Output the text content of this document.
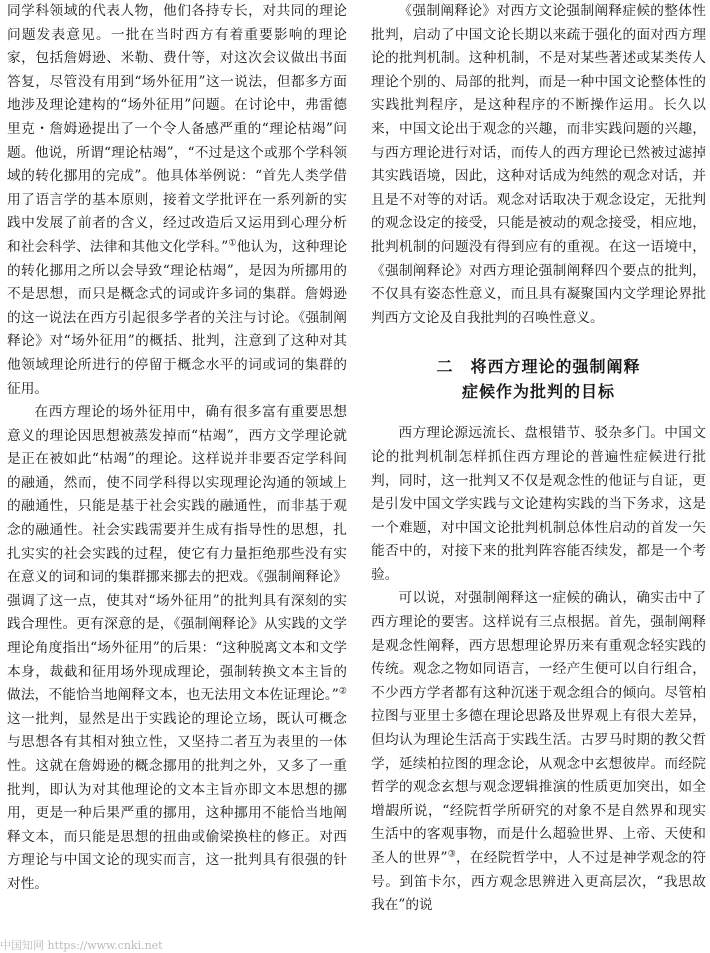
同学科领域的代表人物，他们各持专长，对共同的理论问题发表意见。一批在当时西方有着重要影响的理论家，包括詹姆逊、米勒、费什等，对这次会议做出书面答复，尽管没有用到“场外征用”这一说法，但都多方面地涉及理论建构的“场外征用”问题。在讨论中，弗雷德里克・詹姆逊提出了一个令人备感严重的“理论枯竭”问题。他说，所谓“理论枯竭”，“不过是这个或那个学科领域的转化挪用的完成”。他具体举例说：“首先人类学借用了语言学的基本原则，接着文学批评在一系列新的实践中发展了前者的含义，经过改造后又运用到心理分析和社会科学、法律和其他文化学科。”①他认为，这种理论的转化挪用之所以会导致“理论枯竭”，是因为所挪用的不是思想，而只是概念式的词或许多词的集群。詹姆逊的这一说法在西方引起很多学者的关注与讨论。《强制阐释论》对“场外征用”的概括、批判，注意到了这种对其他领域理论所进行的停留于概念水平的词或词的集群的征用。

在西方理论的场外征用中，确有很多富有重要思想意义的理论因思想被蒸发掉而“枯竭”，西方文学理论就是正在被如此“枯竭”的理论。这样说并非要否定学科间的融通，然而，使不同学科得以实现理论沟通的领域上的融通性，只能是基于社会实践的融通性，而非基于观念的融通性。社会实践需要并生成有指导性的思想，扎扎实实的社会实践的过程，使它有力量拒绝那些没有实在意义的词和词的集群挪来挪去的把戏。《强制阐释论》强调了这一点，使其对“场外征用”的批判具有深刻的实践合理性。更有深意的是，《强制阐释论》从实践的文学理论角度指出“场外征用”的后果：“这种脱离文本和文学本身，裁截和征用场外现成理论，强制转换文本主旨的做法，不能恰当地阐释文本，也无法用文本佐证理论。”②这一批判，显然是出于实践论的理论立场，既认可概念与思想各有其相对独立性，又坚持二者互为表里的一体性。这就在詹姆逊的概念挪用的批判之外，又多了一重批判，即认为对其他理论的文本主旨亦即文本思想的挪用，更是一种后果严重的挪用，这种挪用不能恰当地阐释文本，而只能是思想的扭曲或偷梁换柱的修正。对西方理论与中国文论的现实而言，这一批判具有很强的针对性。

《强制阐释论》对西方文论强制阐释症候的整体性批判，启动了中国文论长期以来疏于强化的面对西方理论的批判机制。这种机制，不是对某些著述或某类传人理论个别的、局部的批判，而是一种中国文论整体性的实践批判程序，是这种程序的不断操作运用。长久以来，中国文论出于观念的兴趣，而非实践问题的兴趣，与西方理论进行对话，而传人的西方理论已然被过滤掉其实践语境，因此，这种对话成为纯然的观念对话，并且是不对等的对话。观念对话取决于观念设定，无批判的观念设定的接受，只能是被动的观念接受，相应地，批判机制的问题没有得到应有的重视。在这一语境中，《强制阐释论》对西方理论强制阐释四个要点的批判，不仅具有姿态性意义，而且具有凝聚国内文学理论界批判西方文论及自我批判的召唤性意义。

二　将西方理论的强制阐释
症候作为批判的目标

西方理论源远流长、盘根错节、驳杂多门。中国文论的批判机制怎样抓住西方理论的普遍性症候进行批判，同时，这一批判又不仅是观念性的他证与自证，更是引发中国文学实践与文论建构实践的当下务求，这是一个难题，对中国文论批判机制总体性启动的首发一矢能否中的，对接下来的批判阵容能否续发，都是一个考验。

可以说，对强制阐释这一症候的确认，确实击中了西方理论的要害。这样说有三点根据。首先，强制阐释是观念性阐释，西方思想理论界历来有重观念轻实践的传统。观念之物如同语言，一经产生便可以自行组合，不少西方学者都有这种沉迷于观念组合的倾向。尽管柏拉图与亚里士多德在理论思路及世界观上有很大差异，但均认为理论生活高于实践生活。古罗马时期的教父哲学，延续柏拉图的理念论，从观念中玄想彼岸。而经院哲学的观念玄想与观念逻辑推演的性质更加突出，如全增嘏所说，“经院哲学所研究的对象不是自然界和现实生活中的客观事物，而是什么超验世界、上帝、天使和圣人的世界”③，在经院哲学中，人不过是神学观念的符号。到笛卡尔，西方观念思辨进入更高层次，“我思故我在”的说

中国知网 https://www.cnki.net
